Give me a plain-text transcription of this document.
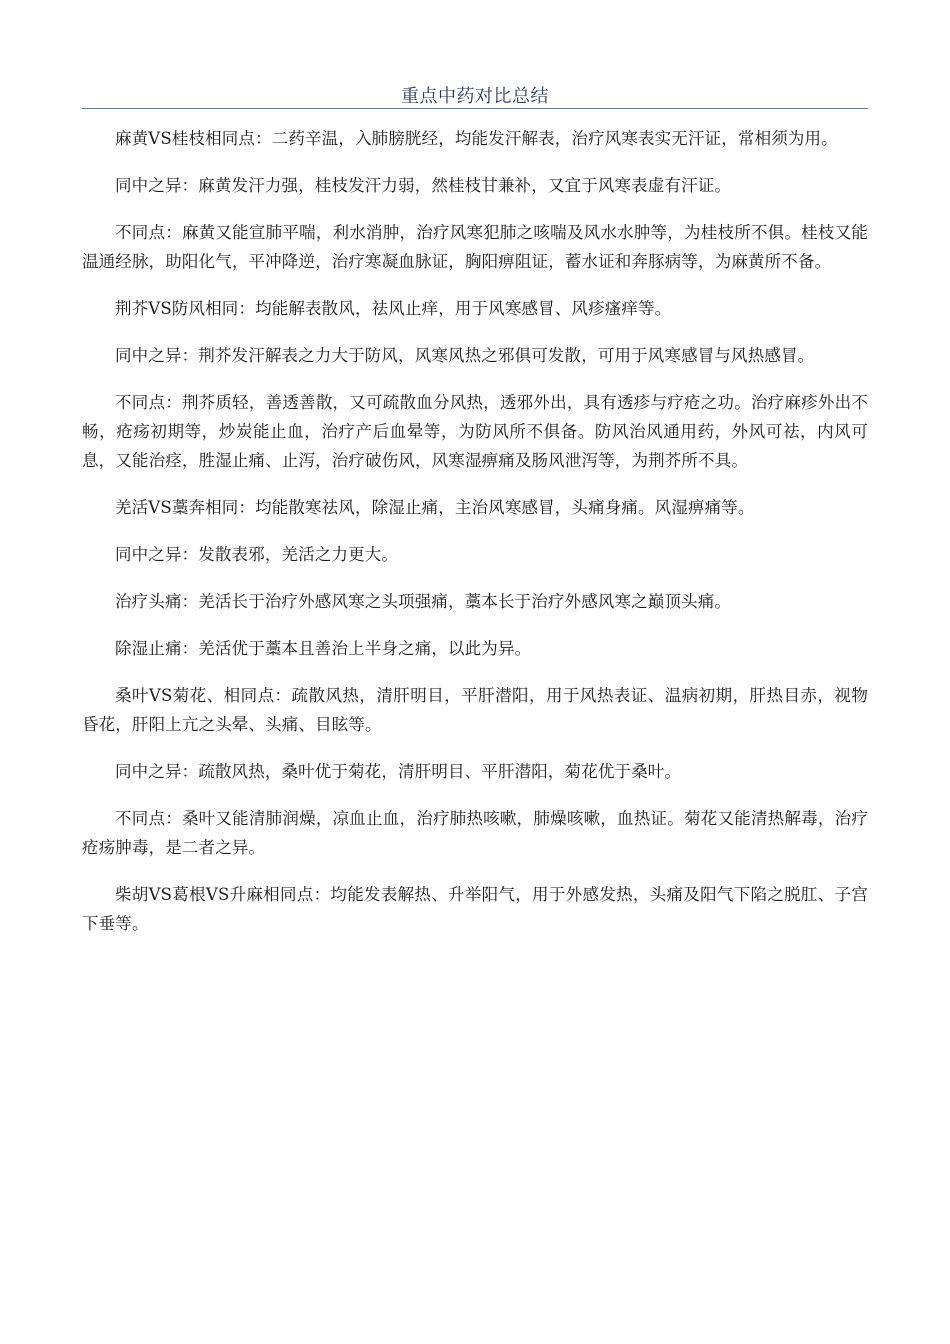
重点中药对比总结

麻黄VS桂枝相同点：二药辛温，入肺膀胱经，均能发汗解表，治疗风寒表实无汗证，常相须为用。

同中之异：麻黄发汗力强，桂枝发汗力弱，然桂枝甘兼补，又宜于风寒表虚有汗证。

不同点：麻黄又能宣肺平喘，利水消肿，治疗风寒犯肺之咳喘及风水水肿等，为桂枝所不俱。桂枝又能温通经脉，助阳化气，平冲降逆，治疗寒凝血脉证，胸阳痹阻证，蓄水证和奔豚病等，为麻黄所不备。

荆芥VS防风相同：均能解表散风，祛风止痒，用于风寒感冒、风疹瘙痒等。

同中之异：荆芥发汗解表之力大于防风，风寒风热之邪俱可发散，可用于风寒感冒与风热感冒。

不同点：荆芥质轻，善透善散，又可疏散血分风热，透邪外出，具有透疹与疗疮之功。治疗麻疹外出不畅，疮疡初期等，炒炭能止血，治疗产后血晕等，为防风所不俱备。防风治风通用药，外风可祛，内风可息，又能治痉，胜湿止痛、止泻，治疗破伤风，风寒湿痹痛及肠风泄泻等，为荆芥所不具。

羌活VS藁奔相同：均能散寒祛风，除湿止痛，主治风寒感冒，头痛身痛。风湿痹痛等。

同中之异：发散表邪，羌活之力更大。

治疗头痛：羌活长于治疗外感风寒之头项强痛，藁本长于治疗外感风寒之巅顶头痛。

除湿止痛：羌活优于藁本且善治上半身之痛，以此为异。

桑叶VS菊花、相同点：疏散风热，清肝明目，平肝潜阳，用于风热表证、温病初期，肝热目赤，视物昏花，肝阳上亢之头晕、头痛、目眩等。

同中之异：疏散风热，桑叶优于菊花，清肝明目、平肝潜阳，菊花优于桑叶。

不同点：桑叶又能清肺润燥，凉血止血，治疗肺热咳嗽，肺燥咳嗽，血热证。菊花又能清热解毒，治疗疮疡肿毒，是二者之异。

柴胡VS葛根VS升麻相同点：均能发表解热、升举阳气，用于外感发热，头痛及阳气下陷之脱肛、子宫下垂等。
